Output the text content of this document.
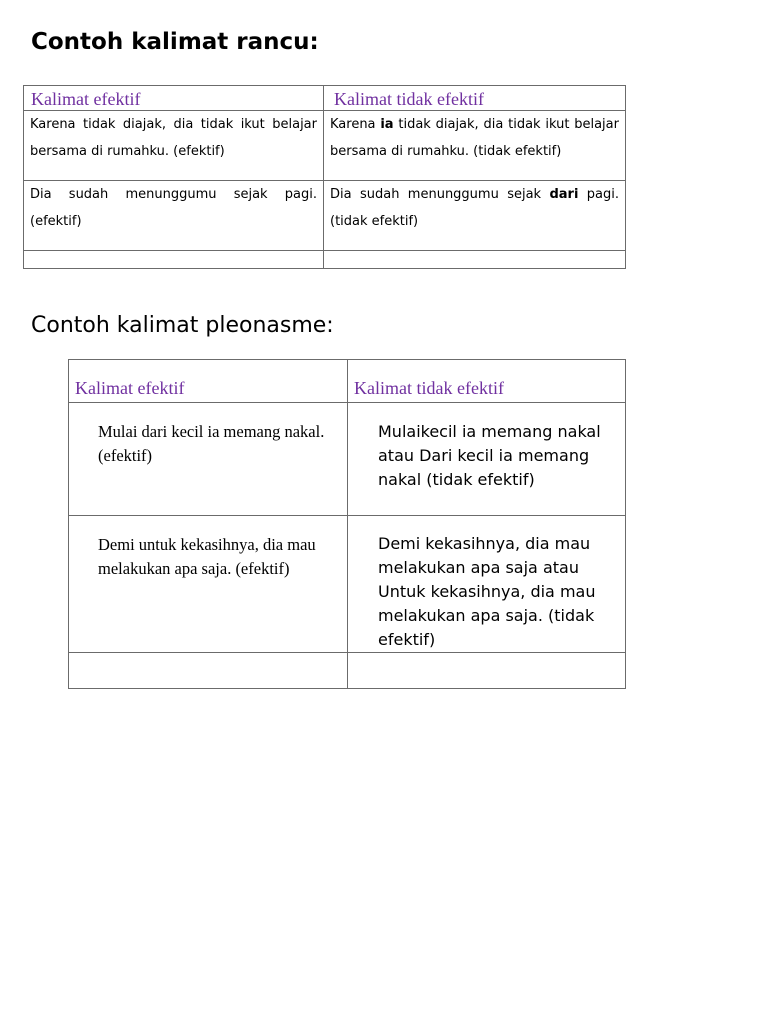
Contoh kalimat rancu:
Kalimat efektif	Kalimat tidak efektif

Karena tidak diajak, dia tidak ikut belajar bersama di rumahku. (efektif)	Karena ia tidak diajak, dia tidak ikut belajar bersama di rumahku. (tidak efektif)

Dia sudah menunggumu sejak pagi. (efektif)	Dia sudah menunggumu sejak dari pagi. (tidak efektif)

Contoh kalimat pleonasme:
Kalimat efektif	Kalimat tidak efektif

Mulai dari kecil ia memang nakal. (efektif)	Mulaikecil ia memang nakal atau Dari kecil ia memang nakal (tidak efektif)

Demi untuk kekasihnya, dia mau melakukan apa saja. (efektif)	Demi kekasihnya, dia mau melakukan apa saja atau Untuk kekasihnya, dia mau melakukan apa saja. (tidak efektif)
